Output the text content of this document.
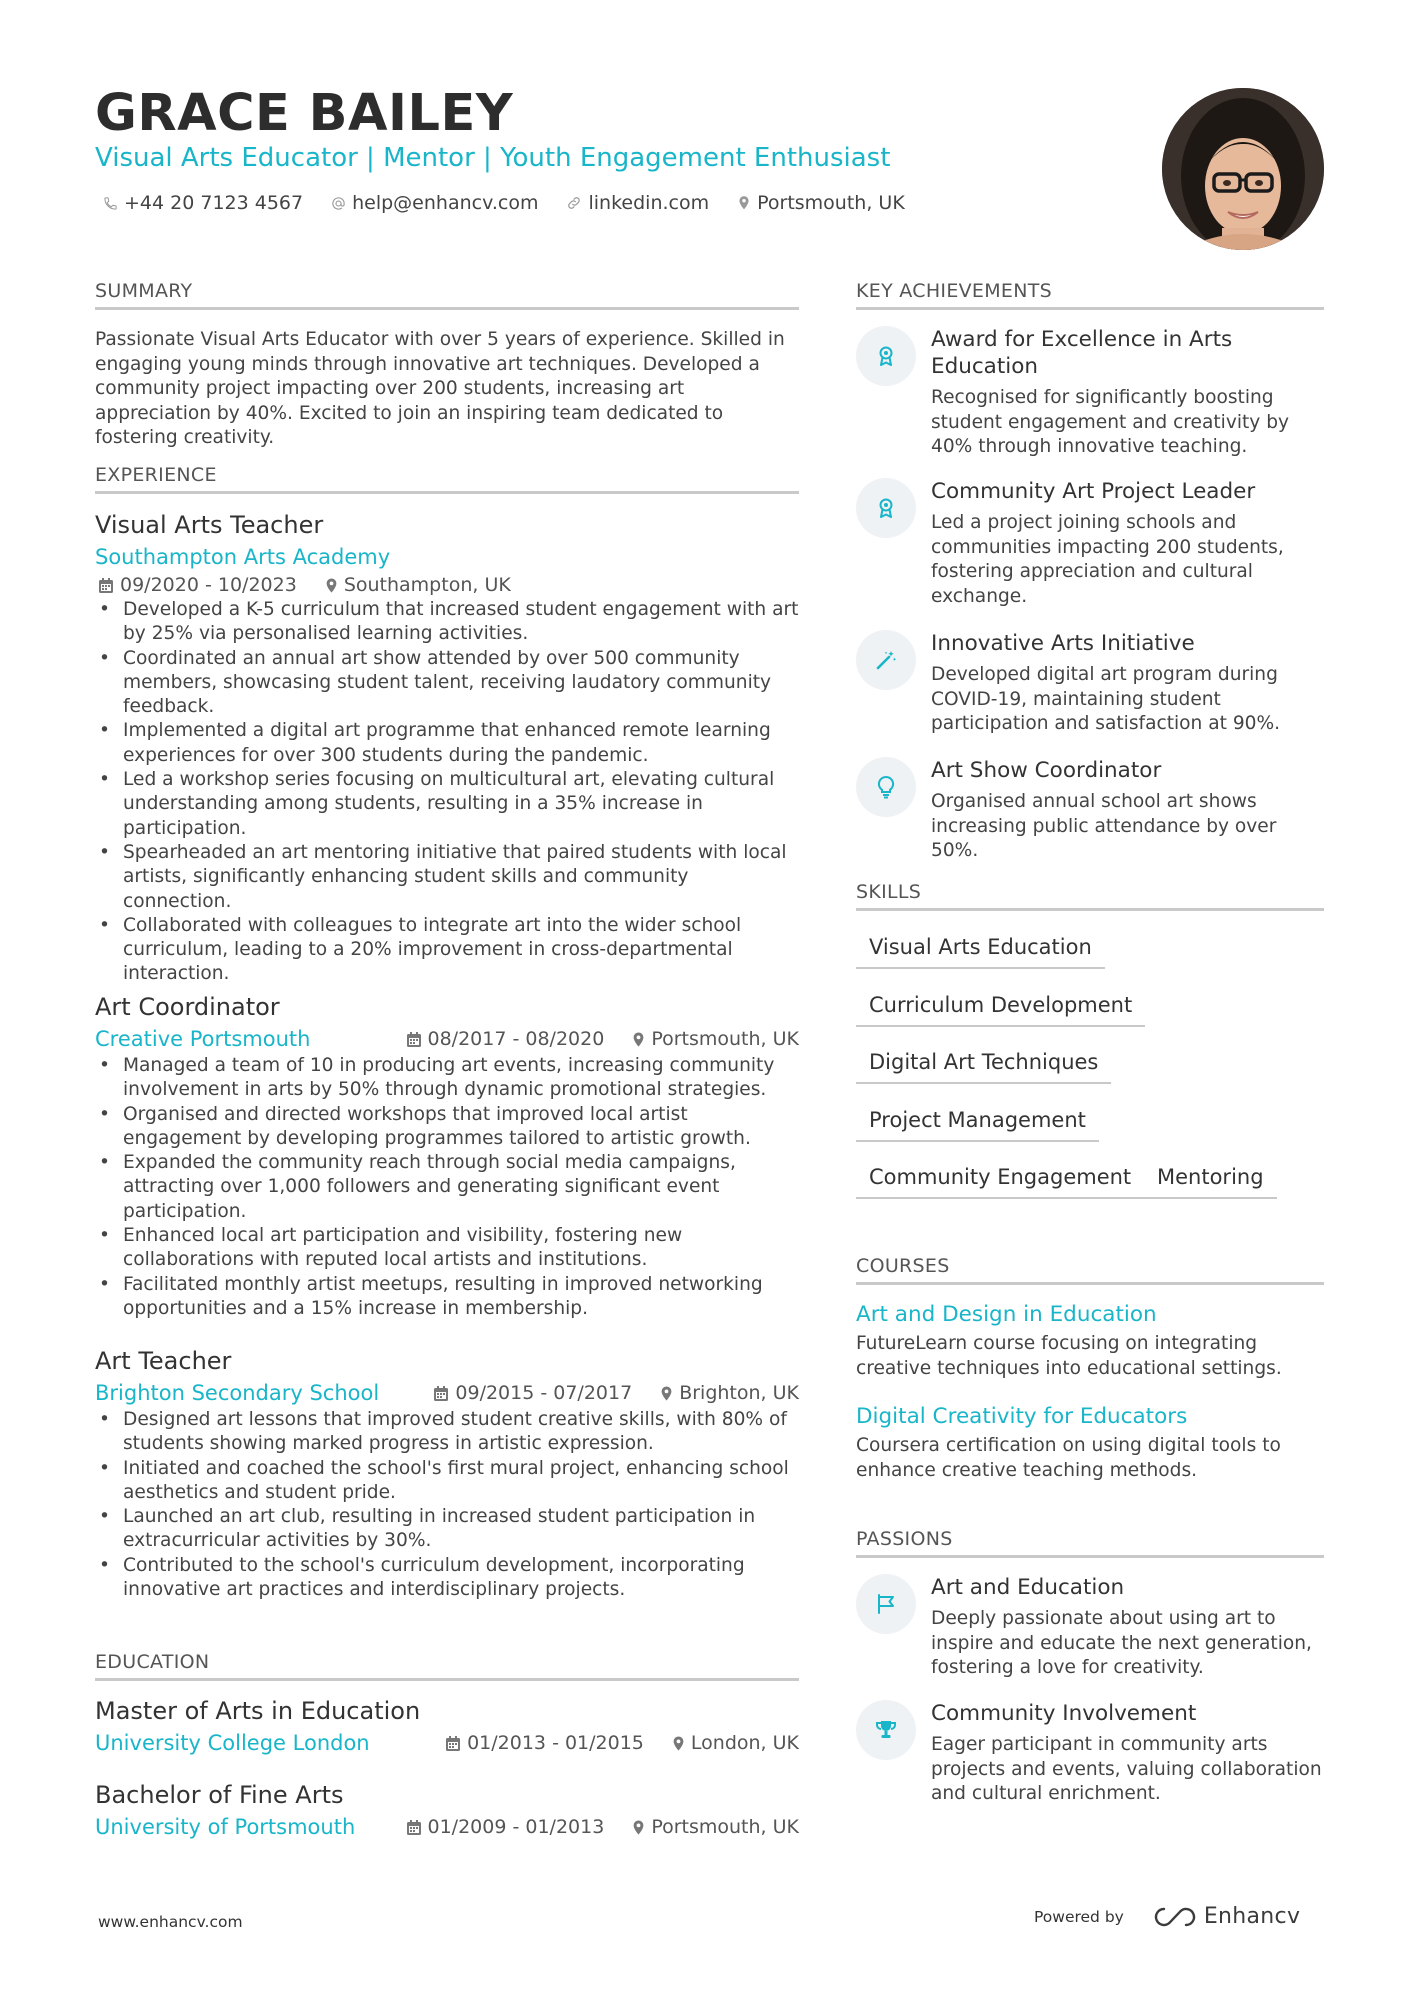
GRACE BAILEY
Visual Arts Educator | Mentor | Youth Engagement Enthusiast
+44 20 7123 4567	help@enhancv.com	linkedin.com	Portsmouth, UK
SUMMARY
Passionate Visual Arts Educator with over 5 years of experience. Skilled in engaging young minds through innovative art techniques. Developed a community project impacting over 200 students, increasing art appreciation by 40%. Excited to join an inspiring team dedicated to fostering creativity.
EXPERIENCE
Visual Arts Teacher
Southampton Arts Academy
09/2020 - 10/2023 Southampton, UK
• Developed a K-5 curriculum that increased student engagement with art by 25% via personalised learning activities.
• Coordinated an annual art show attended by over 500 community members, showcasing student talent, receiving laudatory community feedback.
• Implemented a digital art programme that enhanced remote learning experiences for over 300 students during the pandemic.
• Led a workshop series focusing on multicultural art, elevating cultural understanding among students, resulting in a 35% increase in participation.
• Spearheaded an art mentoring initiative that paired students with local artists, significantly enhancing student skills and community connection.
• Collaborated with colleagues to integrate art into the wider school curriculum, leading to a 20% improvement in cross-departmental interaction.
Art Coordinator
Creative Portsmouth	08/2017 - 08/2020 Portsmouth, UK
• Managed a team of 10 in producing art events, increasing community involvement in arts by 50% through dynamic promotional strategies.
• Organised and directed workshops that improved local artist engagement by developing programmes tailored to artistic growth.
• Expanded the community reach through social media campaigns, attracting over 1,000 followers and generating significant event participation.
• Enhanced local art participation and visibility, fostering new collaborations with reputed local artists and institutions.
• Facilitated monthly artist meetups, resulting in improved networking opportunities and a 15% increase in membership.
Art Teacher
Brighton Secondary School	09/2015 - 07/2017 Brighton, UK
• Designed art lessons that improved student creative skills, with 80% of students showing marked progress in artistic expression.
• Initiated and coached the school's first mural project, enhancing school aesthetics and student pride.
• Launched an art club, resulting in increased student participation in extracurricular activities by 30%.
• Contributed to the school's curriculum development, incorporating innovative art practices and interdisciplinary projects.
EDUCATION
Master of Arts in Education
University College London	01/2013 - 01/2015 London, UK
Bachelor of Fine Arts
University of Portsmouth	01/2009 - 01/2013 Portsmouth, UK
KEY ACHIEVEMENTS
Award for Excellence in Arts Education
Recognised for significantly boosting student engagement and creativity by 40% through innovative teaching.
Community Art Project Leader
Led a project joining schools and communities impacting 200 students, fostering appreciation and cultural exchange.
Innovative Arts Initiative
Developed digital art program during COVID-19, maintaining student participation and satisfaction at 90%.
Art Show Coordinator
Organised annual school art shows increasing public attendance by over 50%.
SKILLS
Visual Arts Education
Curriculum Development
Digital Art Techniques
Project Management
Community Engagement	Mentoring
COURSES
Art and Design in Education
FutureLearn course focusing on integrating creative techniques into educational settings.
Digital Creativity for Educators
Coursera certification on using digital tools to enhance creative teaching methods.
PASSIONS
Art and Education
Deeply passionate about using art to inspire and educate the next generation, fostering a love for creativity.
Community Involvement
Eager participant in community arts projects and events, valuing collaboration and cultural enrichment.
www.enhancv.com	Powered by	Enhancv
